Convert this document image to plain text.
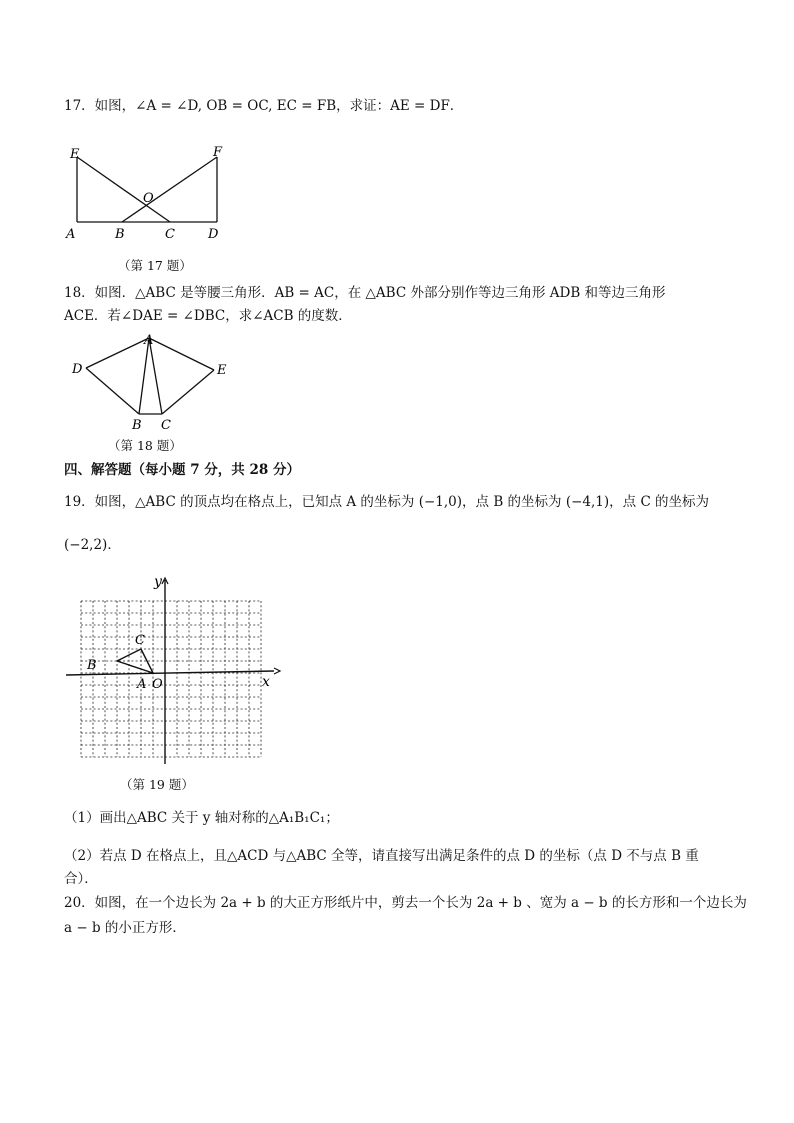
17．如图，∠A = ∠D, OB = OC, EC = FB，求证：AE = DF．
E	F
O
A	B	C	D
（第 17 题）
18．如图．△ABC 是等腰三角形．AB = AC，在 △ABC 外部分别作等边三角形 ADB 和等边三角形
ACE．若∠DAE = ∠DBC，求∠ACB 的度数．
A
D	E
B C
（第 18 题）
四、解答题（每小题 7 分，共 28 分）
19．如图，△ABC 的顶点均在格点上，已知点 A 的坐标为 (−1,0)，点 B 的坐标为 (−4,1)，点 C 的坐标为
(−2,2)．
y
x
C
B
A O
（第 19 题）
（1）画出△ABC 关于 y 轴对称的△A₁B₁C₁；
（2）若点 D 在格点上，且△ACD 与△ABC 全等，请直接写出满足条件的点 D 的坐标（点 D 不与点 B 重
合）．
20．如图，在一个边长为 2a + b 的大正方形纸片中，剪去一个长为 2a + b 、宽为 a − b 的长方形和一个边长为
a − b 的小正方形．
